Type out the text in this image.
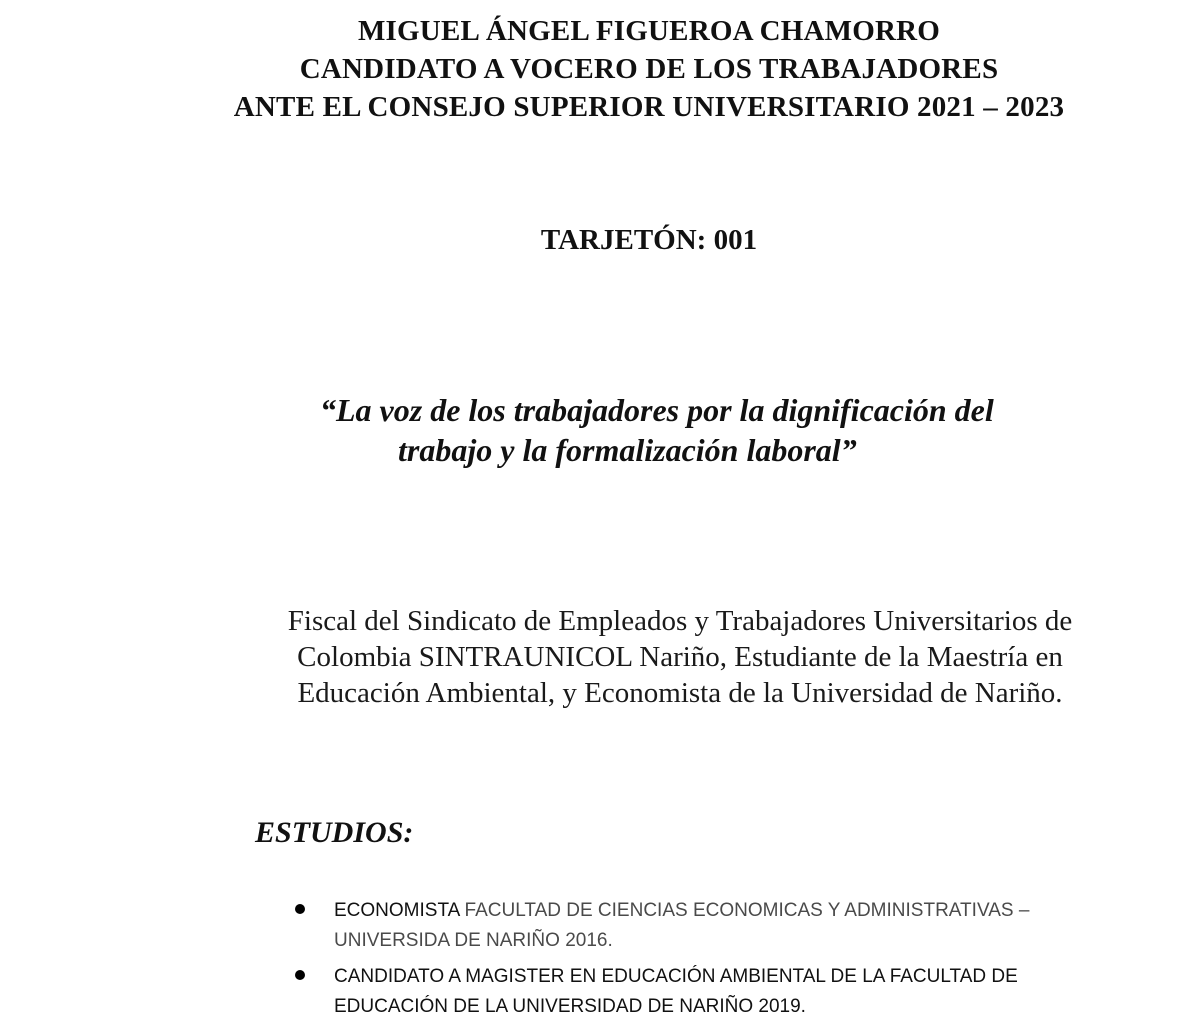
MIGUEL ÁNGEL FIGUEROA CHAMORRO
CANDIDATO A VOCERO DE LOS TRABAJADORES
ANTE EL CONSEJO SUPERIOR UNIVERSITARIO 2021 – 2023
TARJETÓN: 001
“La voz de los trabajadores por la dignificación del
trabajo y la formalización laboral”
Fiscal del Sindicato de Empleados y Trabajadores Universitarios de
Colombia SINTRAUNICOL Nariño, Estudiante de la Maestría en
Educación Ambiental, y Economista de la Universidad de Nariño.
ESTUDIOS:
ECONOMISTA FACULTAD DE CIENCIAS ECONOMICAS Y ADMINISTRATIVAS –
UNIVERSIDA DE NARIÑO 2016.
CANDIDATO A MAGISTER EN EDUCACIÓN AMBIENTAL DE LA FACULTAD DE
EDUCACIÓN DE LA UNIVERSIDAD DE NARIÑO 2019.
